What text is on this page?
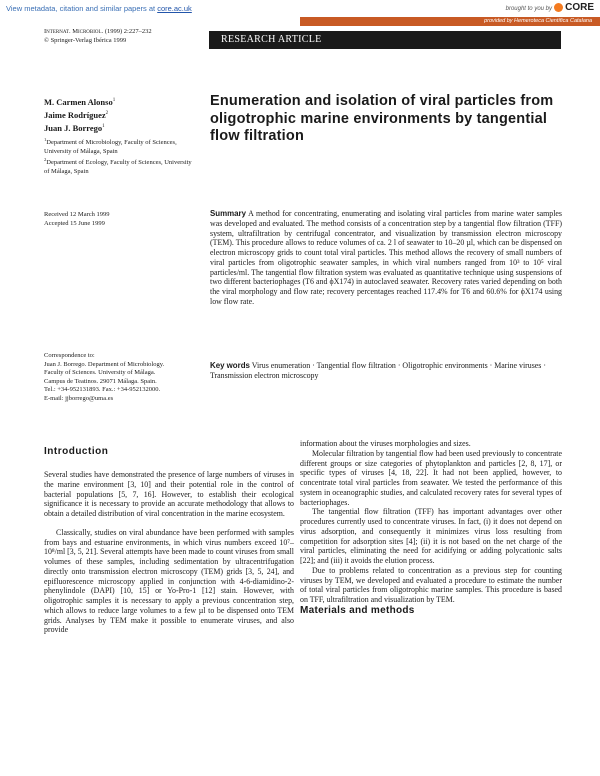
View metadata, citation and similar papers at core.ac.uk	brought to you by	CORE
provided by Hemeroteca Científica Catalana
Internat. Microbiol. (1999) 2:227–232
© Springer-Verlag Ibérica 1999	RESEARCH ARTICLE
M. Carmen Alonso$^1$
Jaime Rodríguez$^2$
Juan J. Borrego$^1$
$^1$Department of Microbiology, Faculty of Sciences, University of Málaga, Spain
$^2$Department of Ecology, Faculty of Sciences, University of Málaga, Spain
Enumeration and isolation of viral particles from oligotrophic marine environments by tangential flow filtration
Received 12 March 1999
Accepted 15 June 1999
Correspondence to:
Juan J. Borrego. Department of Microbiology.
Faculty of Sciences. University of Málaga.
Campus de Teatinos. 29071 Málaga. Spain.
Tel.: +34-952131893. Fax.: +34-952132000.
E-mail: jjborrego@uma.es
Summary A method for concentrating, enumerating and isolating viral particles from marine water samples was developed and evaluated. The method consists of a concentration step by a tangential flow filtration (TFF) system, ultrafiltration by centrifugal concentrator, and visualization by transmission electron microscopy (TEM). This procedure allows to reduce volumes of ca. 2 l of seawater to 10–20 µl, which can be dispensed on electron microscopy grids to count total viral particles. This method allows the recovery of small numbers of viral particles from oligotrophic seawater samples, in which viral numbers ranged from 10³ to 10⁵ viral particles/ml. The tangential flow filtration system was evaluated as quantitative technique using suspensions of two different bacteriophages (T6 and ϕX174) in autoclaved seawater. Recovery rates varied depending on both the viral morphology and flow rate; recovery percentages reached 117.4% for T6 and 60.6% for ϕX174 using low flow rate.
Key words Virus enumeration · Tangential flow filtration · Oligotrophic environments · Marine viruses · Transmission electron microscopy
Introduction

Several studies have demonstrated the presence of large numbers of viruses in the marine environment [3, 10] and their potential role in the control of bacterial populations [5, 7, 16]. However, to establish their ecological significance it is necessary to provide an accurate methodology that allows to obtain a detailed distribution of viral concentration in the marine ecosystem.

Classically, studies on viral abundance have been performed with samples from bays and estuarine environments, in which virus numbers exceed 10⁷–10⁸/ml [3, 5, 21]. Several attempts have been made to count viruses from small volumes of these samples, including sedimentation by ultracentrifugation directly onto transmission electron microscopy (TEM) grids [3, 5, 24], and epifluorescence microscopy applied in conjunction with 4-6-diamidino-2-phenylindole (DAPI) [10, 15] or Yo-Pro-1 [12] stain. However, with oligotrophic samples it is necessary to apply a previous concentration step, which allows to reduce large volumes to a few µl to be dispensed onto TEM grids. Analyses by TEM make it possible to enumerate viruses, and also provide

information about the viruses morphologies and sizes.

Molecular filtration by tangential flow had been used previously to concentrate different groups or size categories of phytoplankton and particles [2, 8, 17], or specific types of viruses [4, 18, 22]. It had not been applied, however, to concentrate total viral particles from seawater. We tested the performance of this system in oceanographic studies, and calculated recovery rates for several types of bacteriophages.

The tangential flow filtration (TFF) has important advantages over other procedures currently used to concentrate viruses. In fact, (i) it does not depend on virus adsorption, and consequently it minimizes virus loss resulting from competition for adsorption sites [4]; (ii) it is not based on the net charge of the viral particles, eliminating the need for acidifying or adding polycationic salts [22]; and (iii) it avoids the elution process.

Due to problems related to concentration as a previous step for counting viruses by TEM, we developed and evaluated a procedure to estimate the number of total viral particles from oligotrophic marine samples. This procedure is based on TFF, ultrafiltration and visualization by TEM.

Materials and methods
